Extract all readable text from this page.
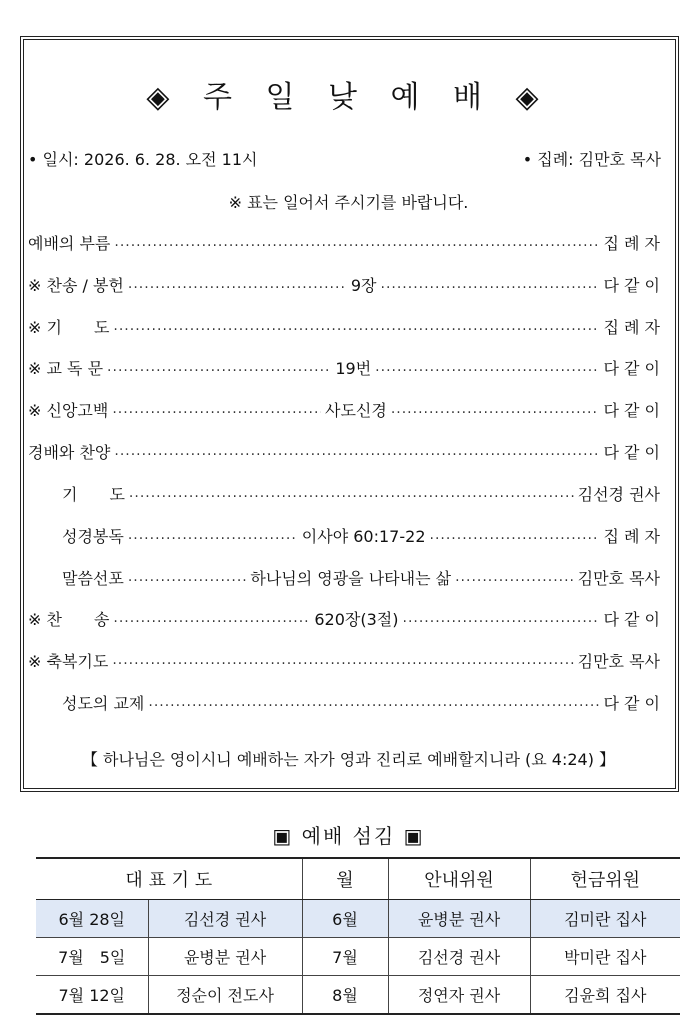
◈ 주 일 낮 예 배 ◈
• 일시: 2026. 6. 28. 오전 11시	• 집례: 김만호 목사
※ 표는 일어서 주시기를 바랍니다.
예배의 부름 .....	집 례 자
※ 찬송 / 봉헌 .....	9장 .....	다 같 이
※ 기　　도 .....	집 례 자
※ 교 독 문 .....	19번 .....	다 같 이
※ 신앙고백 .....	사도신경 .....	다 같 이
경배와 찬양 .....	다 같 이
기　　도 .....	김선경 권사
성경봉독 .....	이사야 60:17-22 .....	집 례 자
말씀선포 .....	하나님의 영광을 나타내는 삶 .....	김만호 목사
※ 찬　　송 .....	620장(3절) .....	다 같 이
※ 축복기도 .....	김만호 목사
성도의 교제 .....	다 같 이
【 하나님은 영이시니 예배하는 자가 영과 진리로 예배할지니라 (요 4:24) 】
▣ 예배 섬김 ▣
대 표 기 도		월	안내위원	헌금위원
6월 28일	김선경 권사	6월	윤병분 권사	김미란 집사
7월　5일	윤병분 권사	7월	김선경 권사	박미란 집사
7월 12일	정순이 전도사	8월	정연자 권사	김윤희 집사
